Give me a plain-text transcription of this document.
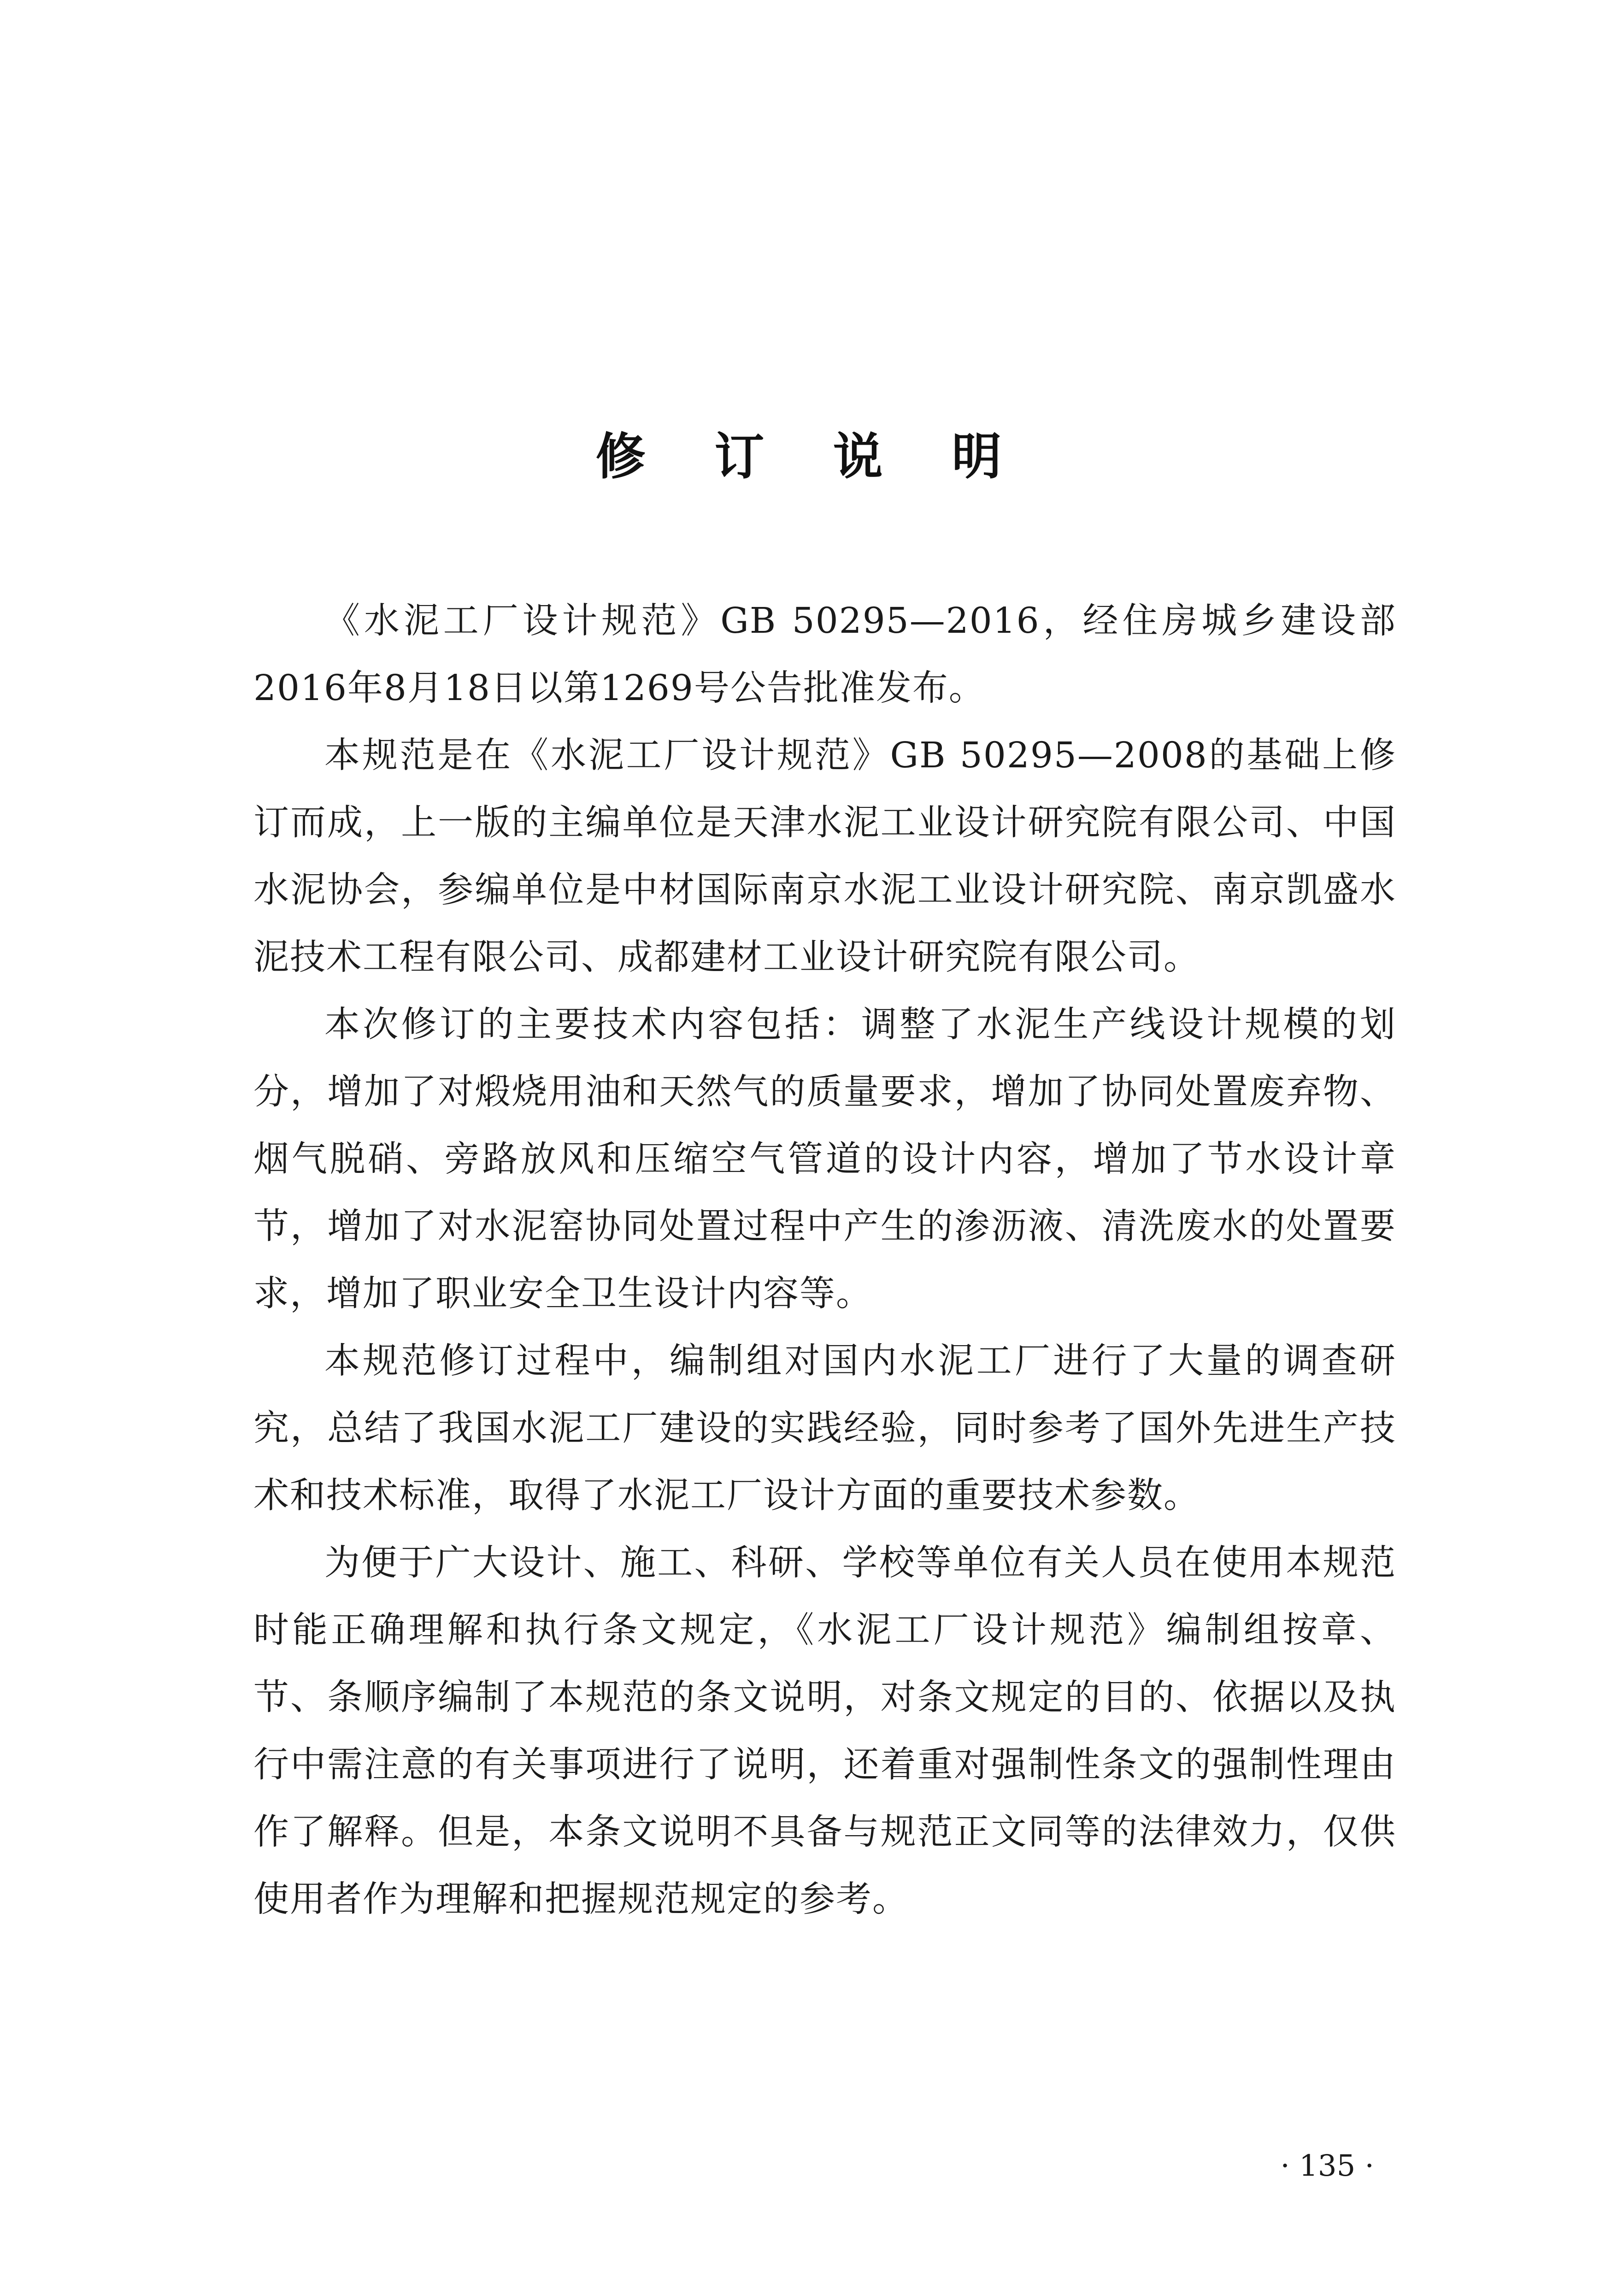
修 订 说 明

《水泥工厂设计规范》GB 50295—2016，经住房城乡建设部2016年8月18日以第1269号公告批准发布。

本规范是在《水泥工厂设计规范》GB 50295—2008的基础上修订而成，上一版的主编单位是天津水泥工业设计研究院有限公司、中国水泥协会，参编单位是中材国际南京水泥工业设计研究院、南京凯盛水泥技术工程有限公司、成都建材工业设计研究院有限公司。

本次修订的主要技术内容包括：调整了水泥生产线设计规模的划分，增加了对煅烧用油和天然气的质量要求，增加了协同处置废弃物、烟气脱硝、旁路放风和压缩空气管道的设计内容，增加了节水设计章节，增加了对水泥窑协同处置过程中产生的渗沥液、清洗废水的处置要求，增加了职业安全卫生设计内容等。

本规范修订过程中，编制组对国内水泥工厂进行了大量的调查研究，总结了我国水泥工厂建设的实践经验，同时参考了国外先进生产技术和技术标准，取得了水泥工厂设计方面的重要技术参数。

为便于广大设计、施工、科研、学校等单位有关人员在使用本规范时能正确理解和执行条文规定，《水泥工厂设计规范》编制组按章、节、条顺序编制了本规范的条文说明，对条文规定的目的、依据以及执行中需注意的有关事项进行了说明，还着重对强制性条文的强制性理由作了解释。但是，本条文说明不具备与规范正文同等的法律效力，仅供使用者作为理解和把握规范规定的参考。

· 135 ·
